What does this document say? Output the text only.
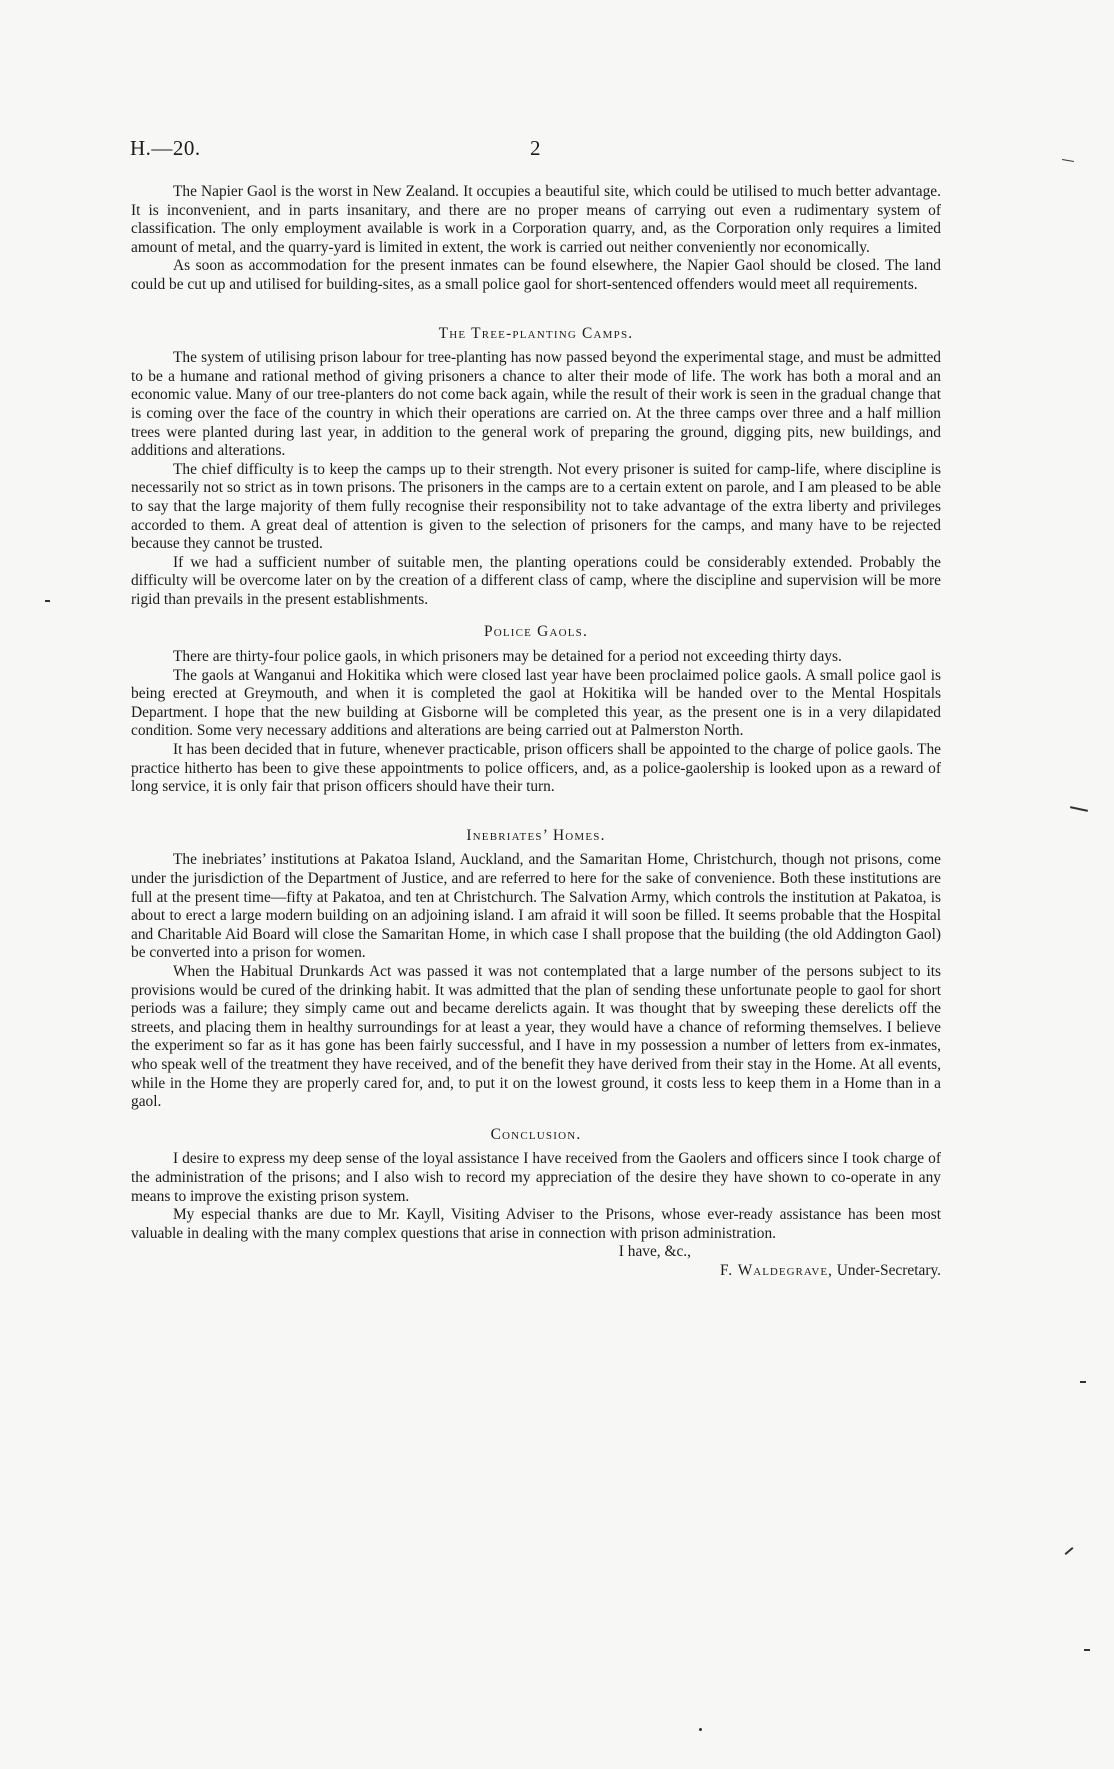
H.—20.	2

The Napier Gaol is the worst in New Zealand. It occupies a beautiful site, which could be utilised to much better advantage. It is inconvenient, and in parts insanitary, and there are no proper means of carrying out even a rudimentary system of classification. The only employment available is work in a Corporation quarry, and, as the Corporation only requires a limited amount of metal, and the quarry-yard is limited in extent, the work is carried out neither conveniently nor economically.

As soon as accommodation for the present inmates can be found elsewhere, the Napier Gaol should be closed. The land could be cut up and utilised for building-sites, as a small police gaol for short-sentenced offenders would meet all requirements.

The Tree-planting Camps.

The system of utilising prison labour for tree-planting has now passed beyond the experimental stage, and must be admitted to be a humane and rational method of giving prisoners a chance to alter their mode of life. The work has both a moral and an economic value. Many of our tree-planters do not come back again, while the result of their work is seen in the gradual change that is coming over the face of the country in which their operations are carried on. At the three camps over three and a half million trees were planted during last year, in addition to the general work of preparing the ground, digging pits, new buildings, and additions and alterations.

The chief difficulty is to keep the camps up to their strength. Not every prisoner is suited for camp-life, where discipline is necessarily not so strict as in town prisons. The prisoners in the camps are to a certain extent on parole, and I am pleased to be able to say that the large majority of them fully recognise their responsibility not to take advantage of the extra liberty and privileges accorded to them. A great deal of attention is given to the selection of prisoners for the camps, and many have to be rejected because they cannot be trusted.

If we had a sufficient number of suitable men, the planting operations could be considerably extended. Probably the difficulty will be overcome later on by the creation of a different class of camp, where the discipline and supervision will be more rigid than prevails in the present establishments.

Police Gaols.

There are thirty-four police gaols, in which prisoners may be detained for a period not exceeding thirty days.

The gaols at Wanganui and Hokitika which were closed last year have been proclaimed police gaols. A small police gaol is being erected at Greymouth, and when it is completed the gaol at Hokitika will be handed over to the Mental Hospitals Department. I hope that the new building at Gisborne will be completed this year, as the present one is in a very dilapidated condition. Some very necessary additions and alterations are being carried out at Palmerston North.

It has been decided that in future, whenever practicable, prison officers shall be appointed to the charge of police gaols. The practice hitherto has been to give these appointments to police officers, and, as a police-gaolership is looked upon as a reward of long service, it is only fair that prison officers should have their turn.

Inebriates’ Homes.

The inebriates’ institutions at Pakatoa Island, Auckland, and the Samaritan Home, Christchurch, though not prisons, come under the jurisdiction of the Department of Justice, and are referred to here for the sake of convenience. Both these institutions are full at the present time—fifty at Pakatoa, and ten at Christchurch. The Salvation Army, which controls the institution at Pakatoa, is about to erect a large modern building on an adjoining island. I am afraid it will soon be filled. It seems probable that the Hospital and Charitable Aid Board will close the Samaritan Home, in which case I shall propose that the building (the old Addington Gaol) be converted into a prison for women.

When the Habitual Drunkards Act was passed it was not contemplated that a large number of the persons subject to its provisions would be cured of the drinking habit. It was admitted that the plan of sending these unfortunate people to gaol for short periods was a failure; they simply came out and became derelicts again. It was thought that by sweeping these derelicts off the streets, and placing them in healthy surroundings for at least a year, they would have a chance of reforming themselves. I believe the experiment so far as it has gone has been fairly successful, and I have in my possession a number of letters from ex-inmates, who speak well of the treatment they have received, and of the benefit they have derived from their stay in the Home. At all events, while in the Home they are properly cared for, and, to put it on the lowest ground, it costs less to keep them in a Home than in a gaol.

Conclusion.

I desire to express my deep sense of the loyal assistance I have received from the Gaolers and officers since I took charge of the administration of the prisons; and I also wish to record my appreciation of the desire they have shown to co-operate in any means to improve the existing prison system.

My especial thanks are due to Mr. Kayll, Visiting Adviser to the Prisons, whose ever-ready assistance has been most valuable in dealing with the many complex questions that arise in connection with prison administration.

I have, &c.,

F. Waldegrave, Under-Secretary.
